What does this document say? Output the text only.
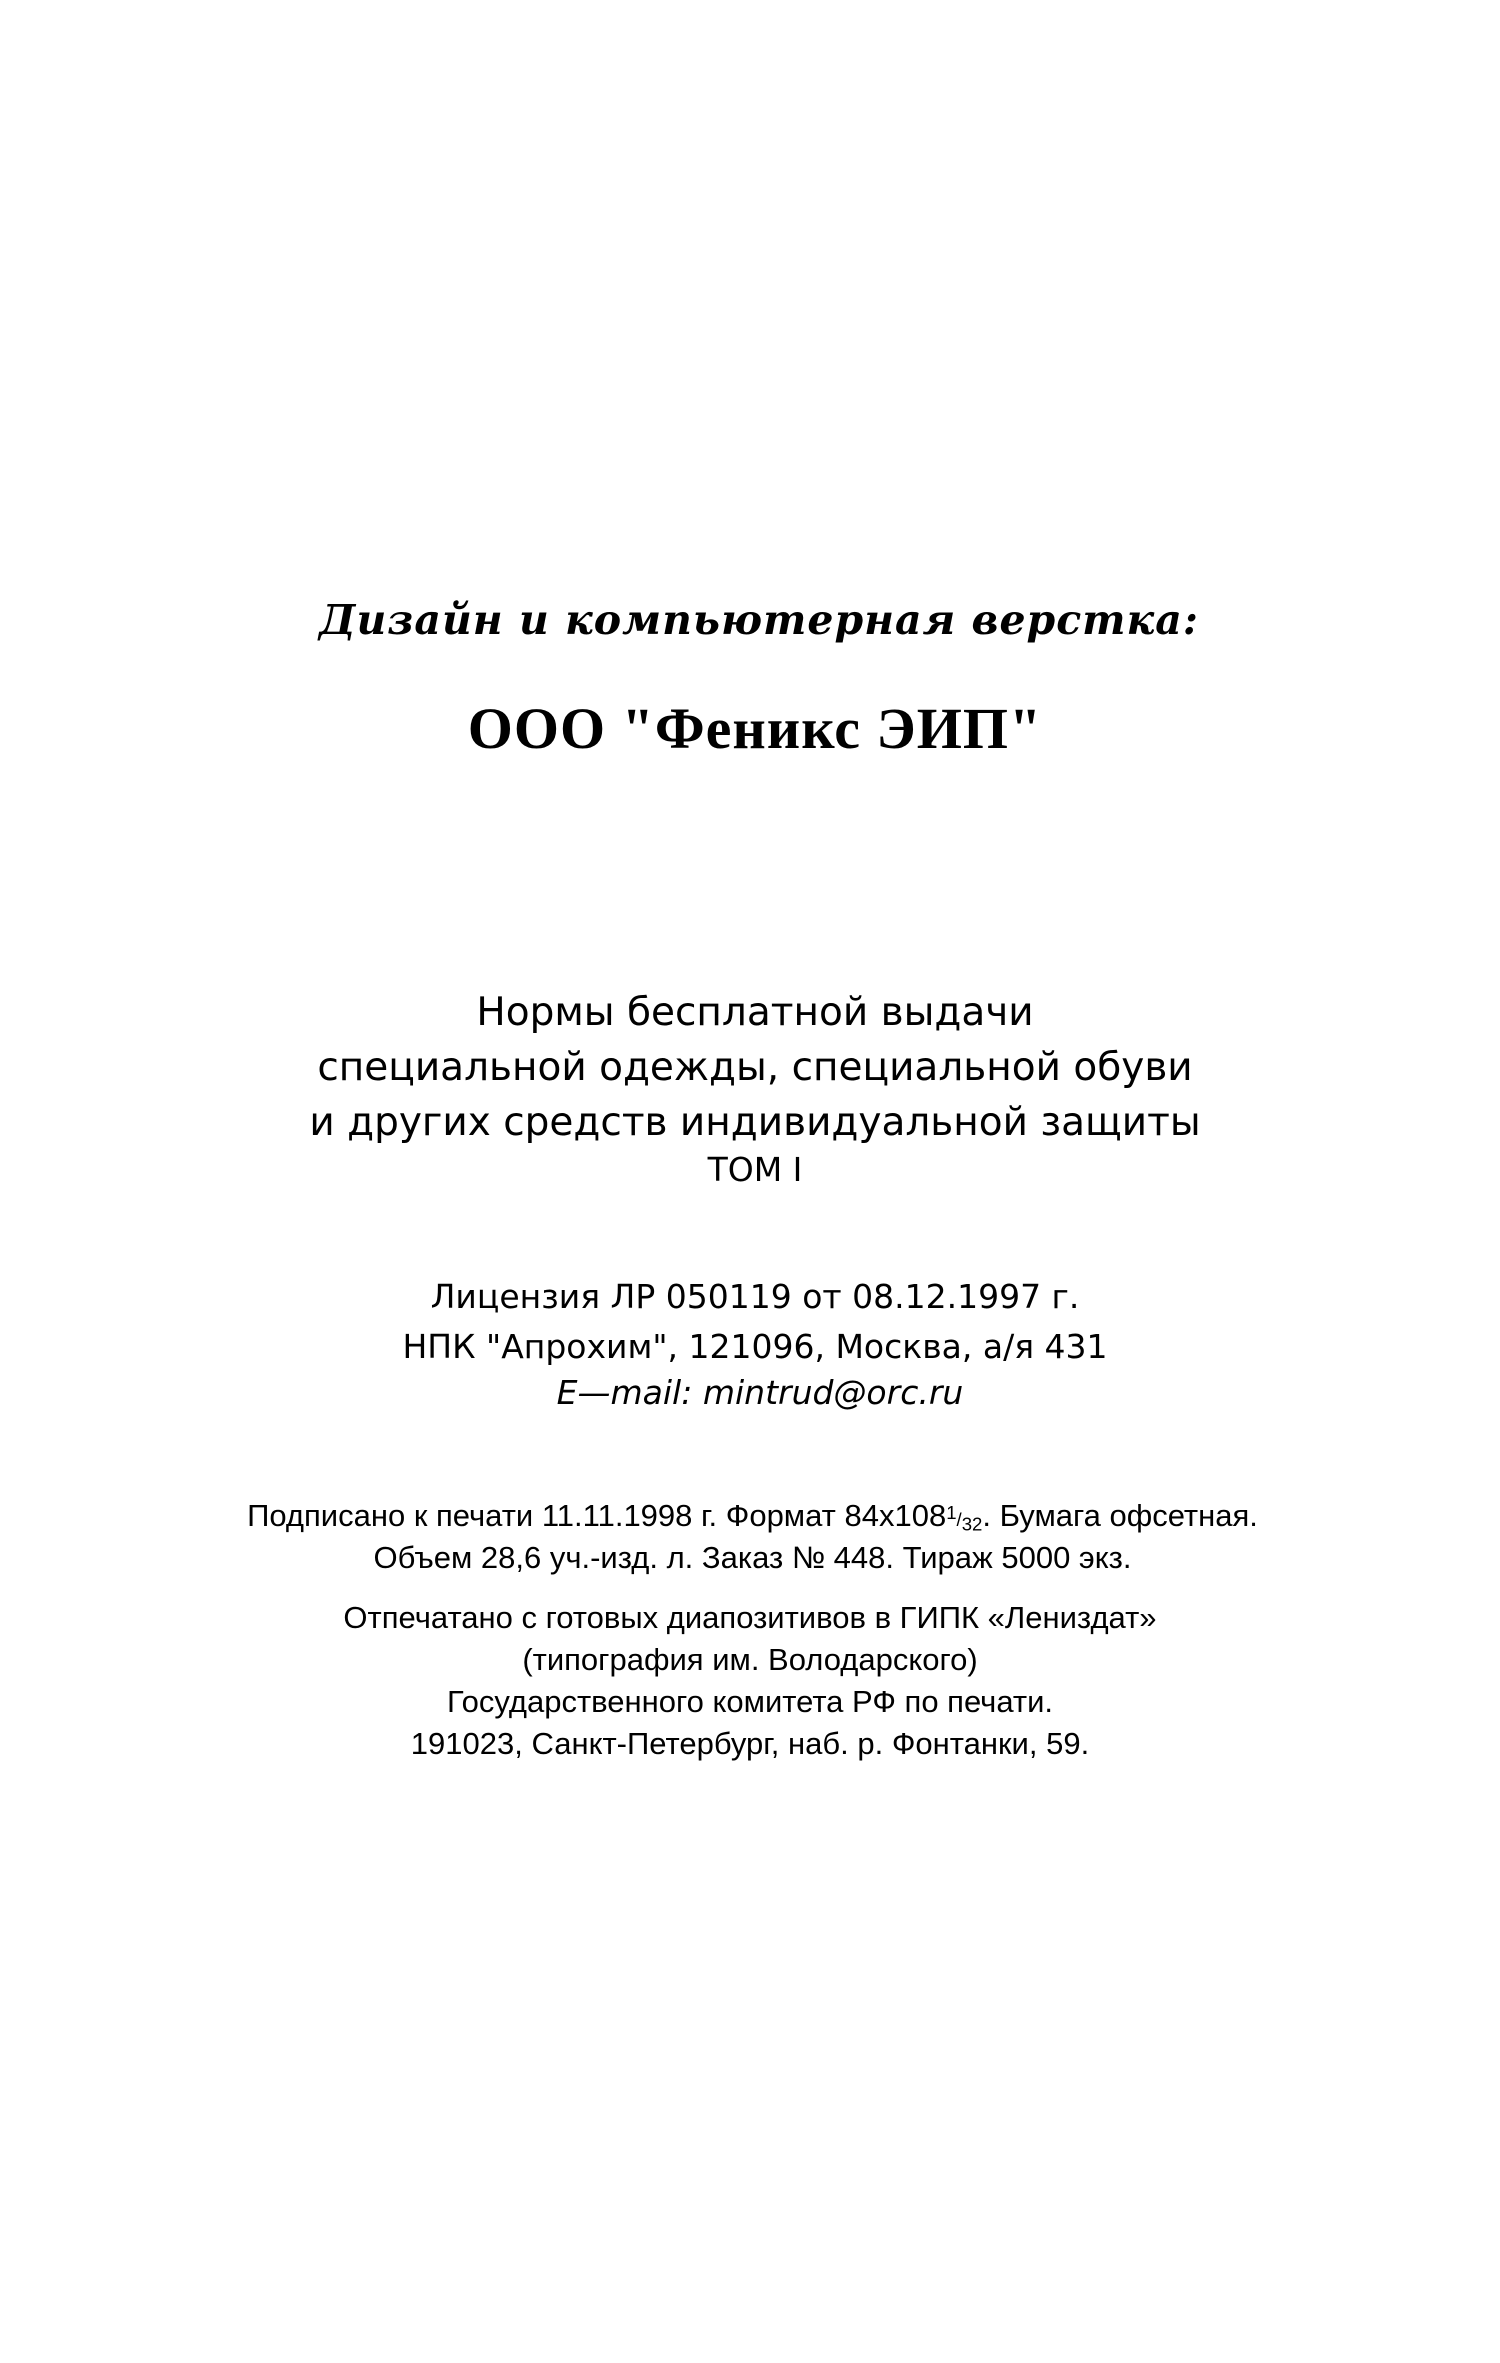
Дизайн и компьютерная верстка:
ООО "Феникс ЭИП"
Нормы бесплатной выдачи
специальной одежды, специальной обуви
и других средств индивидуальной защиты
ТОМ I
Лицензия ЛР 050119 от 08.12.1997 г.
НПК "Апрохим", 121096, Москва, а/я 431
E—mail: mintrud@orc.ru
Подписано к печати 11.11.1998 г. Формат 84х1081/32. Бумага офсетная.
Объем 28,6 уч.-изд. л. Заказ № 448. Тираж 5000 экз.
Отпечатано с готовых диапозитивов в ГИПК «Лениздат»
(типография им. Володарского)
Государственного комитета РФ по печати.
191023, Санкт-Петербург, наб. р. Фонтанки, 59.
